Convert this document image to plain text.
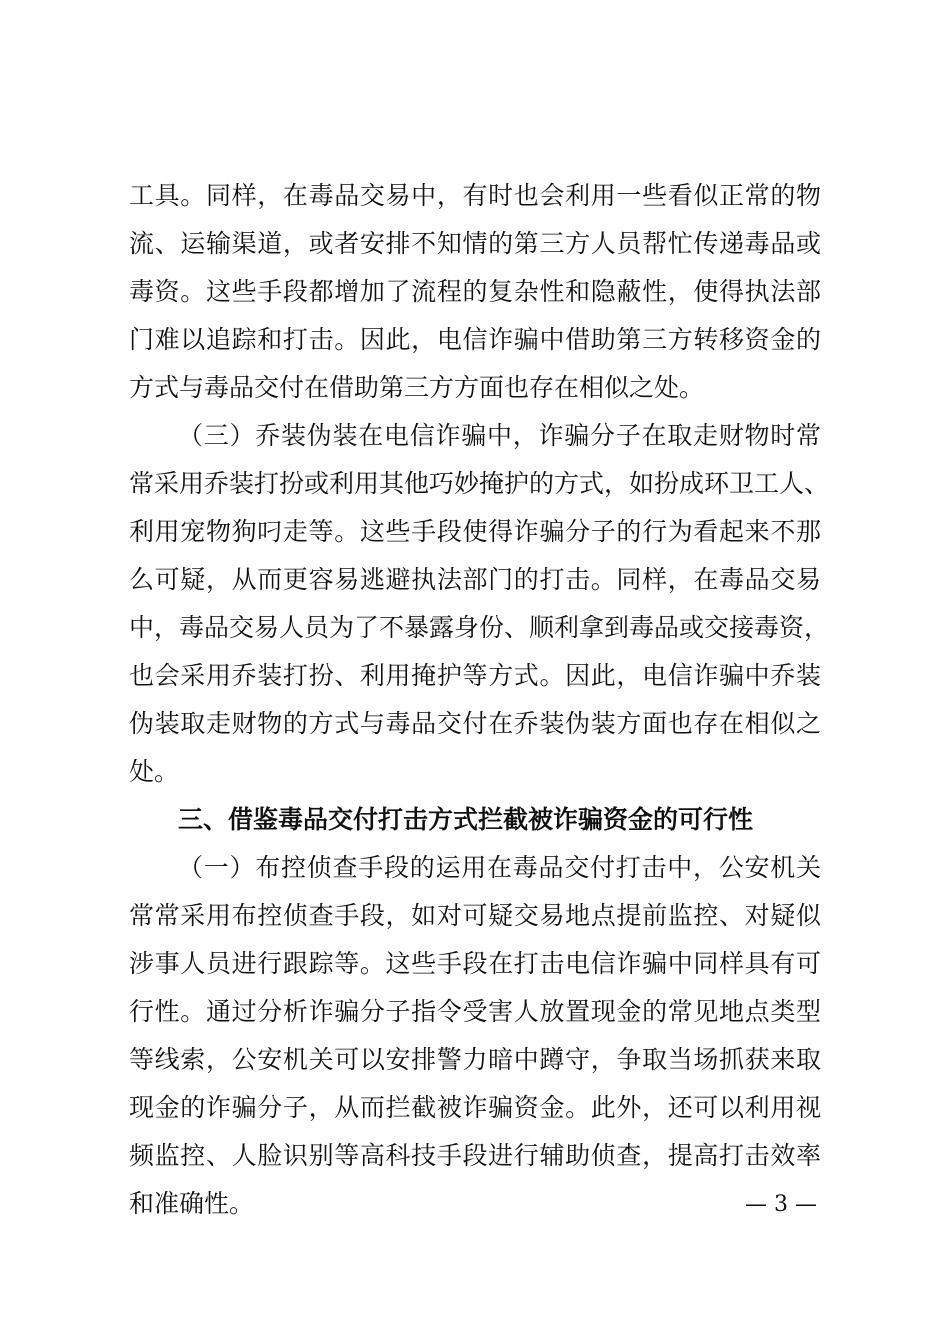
工具。同样，在毒品交易中，有时也会利用一些看似正常的物
流、运输渠道，或者安排不知情的第三方人员帮忙传递毒品或
毒资。这些手段都增加了流程的复杂性和隐蔽性，使得执法部
门难以追踪和打击。因此，电信诈骗中借助第三方转移资金的
方式与毒品交付在借助第三方方面也存在相似之处。
（三）乔装伪装在电信诈骗中，诈骗分子在取走财物时常
常采用乔装打扮或利用其他巧妙掩护的方式，如扮成环卫工人、
利用宠物狗叼走等。这些手段使得诈骗分子的行为看起来不那
么可疑，从而更容易逃避执法部门的打击。同样，在毒品交易
中，毒品交易人员为了不暴露身份、顺利拿到毒品或交接毒资，
也会采用乔装打扮、利用掩护等方式。因此，电信诈骗中乔装
伪装取走财物的方式与毒品交付在乔装伪装方面也存在相似之
处。
三、借鉴毒品交付打击方式拦截被诈骗资金的可行性
（一）布控侦查手段的运用在毒品交付打击中，公安机关
常常采用布控侦查手段，如对可疑交易地点提前监控、对疑似
涉事人员进行跟踪等。这些手段在打击电信诈骗中同样具有可
行性。通过分析诈骗分子指令受害人放置现金的常见地点类型
等线索，公安机关可以安排警力暗中蹲守，争取当场抓获来取
现金的诈骗分子，从而拦截被诈骗资金。此外，还可以利用视
频监控、人脸识别等高科技手段进行辅助侦查，提高打击效率
和准确性。	— 3 —
